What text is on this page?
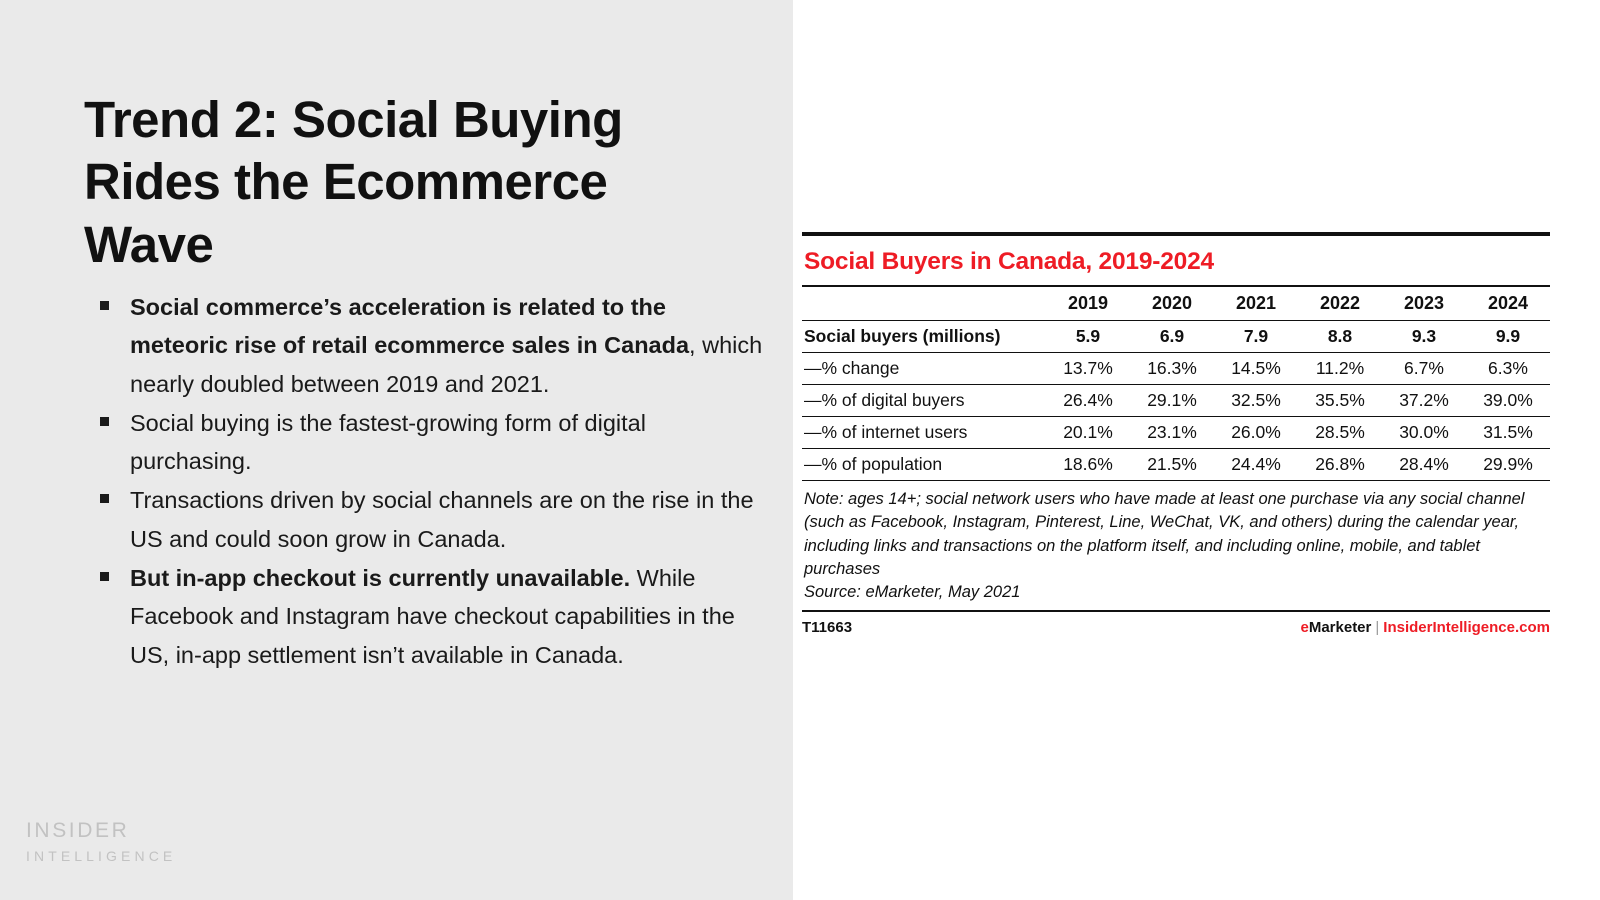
Trend 2: Social Buying Rides the Ecommerce Wave
Social commerce’s acceleration is related to the meteoric rise of retail ecommerce sales in Canada, which nearly doubled between 2019 and 2021.
Social buying is the fastest-growing form of digital purchasing.
Transactions driven by social channels are on the rise in the US and could soon grow in Canada.
But in-app checkout is currently unavailable. While Facebook and Instagram have checkout capabilities in the US, in-app settlement isn’t available in Canada.
INSIDER
INTELLIGENCE
Social Buyers in Canada, 2019-2024
	2019	2020	2021	2022	2023	2024
Social buyers (millions)	5.9	6.9	7.9	8.8	9.3	9.9
—% change	13.7%	16.3%	14.5%	11.2%	6.7%	6.3%
—% of digital buyers	26.4%	29.1%	32.5%	35.5%	37.2%	39.0%
—% of internet users	20.1%	23.1%	26.0%	28.5%	30.0%	31.5%
—% of population	18.6%	21.5%	24.4%	26.8%	28.4%	29.9%
Note: ages 14+; social network users who have made at least one purchase via any social channel (such as Facebook, Instagram, Pinterest, Line, WeChat, VK, and others) during the calendar year, including links and transactions on the platform itself, and including online, mobile, and tablet purchases
Source: eMarketer, May 2021
T11663	eMarketer | InsiderIntelligence.com
